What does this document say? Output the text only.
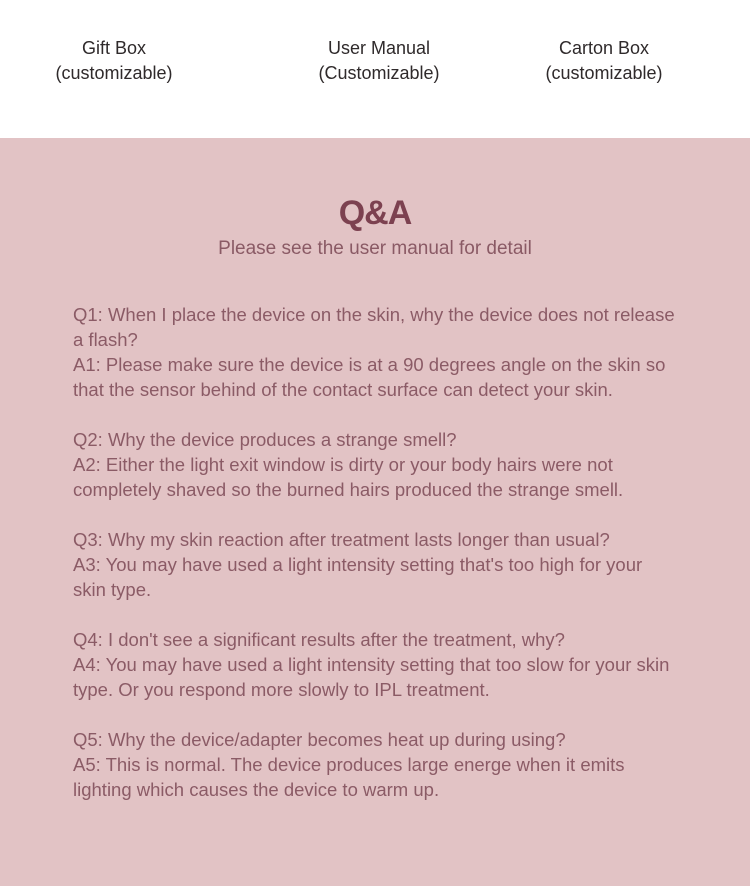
Gift Box
(customizable)
User Manual
(Customizable)
Carton Box
(customizable)
Q&A
Please see the user manual for detail
Q1: When I place the device on the skin, why the device does not release
a flash?
A1: Please make sure the device is at a 90 degrees angle on the skin so
that the sensor behind of the contact surface can detect your skin.
Q2: Why the device produces a strange smell?
A2: Either the light exit window is dirty or your body hairs were not
completely shaved so the burned hairs produced the strange smell.
Q3: Why my skin reaction after treatment lasts longer than usual?
A3: You may have used a light intensity setting that's too high for your
skin type.
Q4: I don't see a significant results after the treatment, why?
A4: You may have used a light intensity setting that too slow for your skin
type. Or you respond more slowly to IPL treatment.
Q5: Why the device/adapter becomes heat up during using?
A5: This is normal. The device produces large energe when it emits
lighting which causes the device to warm up.
